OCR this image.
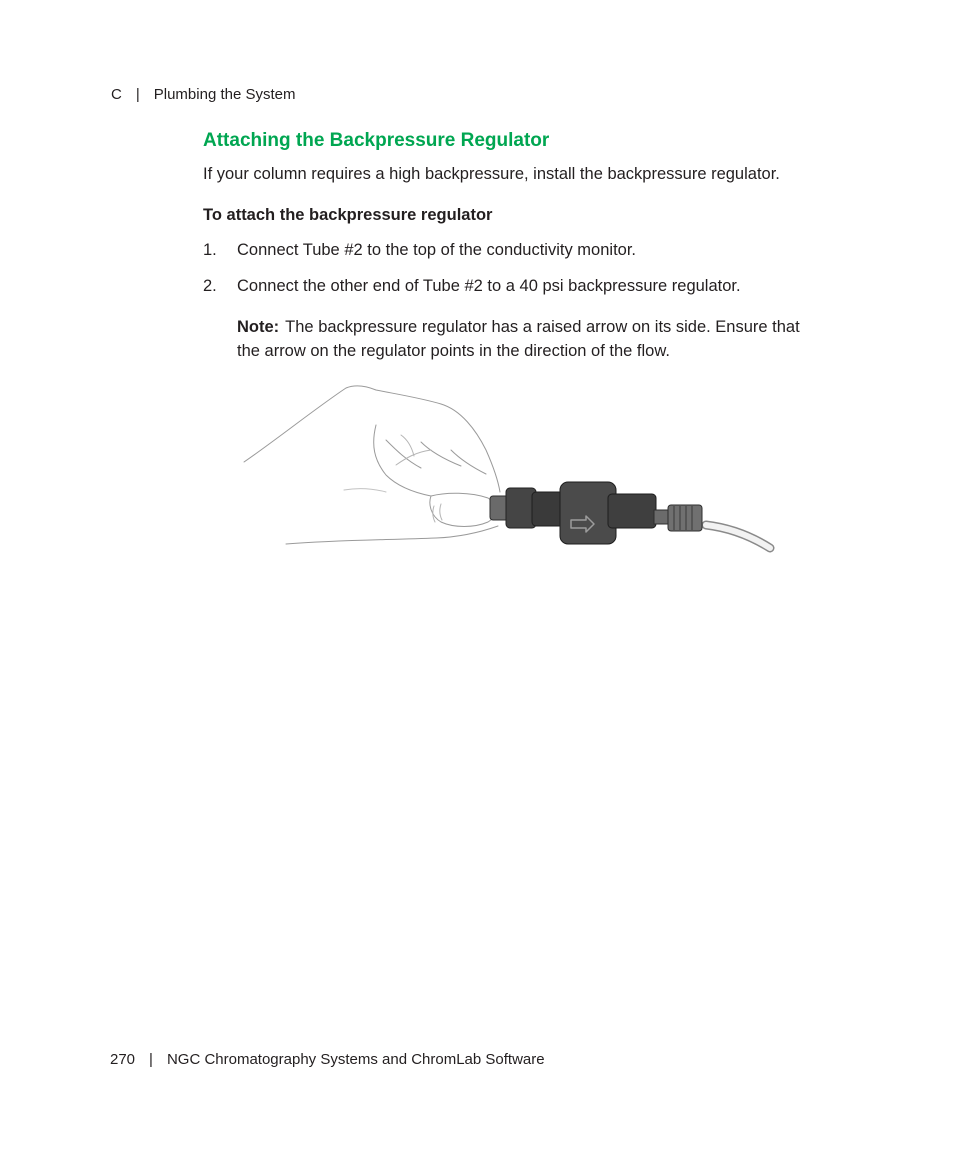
C | Plumbing the System
Attaching the Backpressure Regulator
If your column requires a high backpressure, install the backpressure regulator.
To attach the backpressure regulator
1. Connect Tube #2 to the top of the conductivity monitor.
2. Connect the other end of Tube #2 to a 40 psi backpressure regulator.
Note: The backpressure regulator has a raised arrow on its side. Ensure that the arrow on the regulator points in the direction of the flow.
270 | NGC Chromatography Systems and ChromLab Software
